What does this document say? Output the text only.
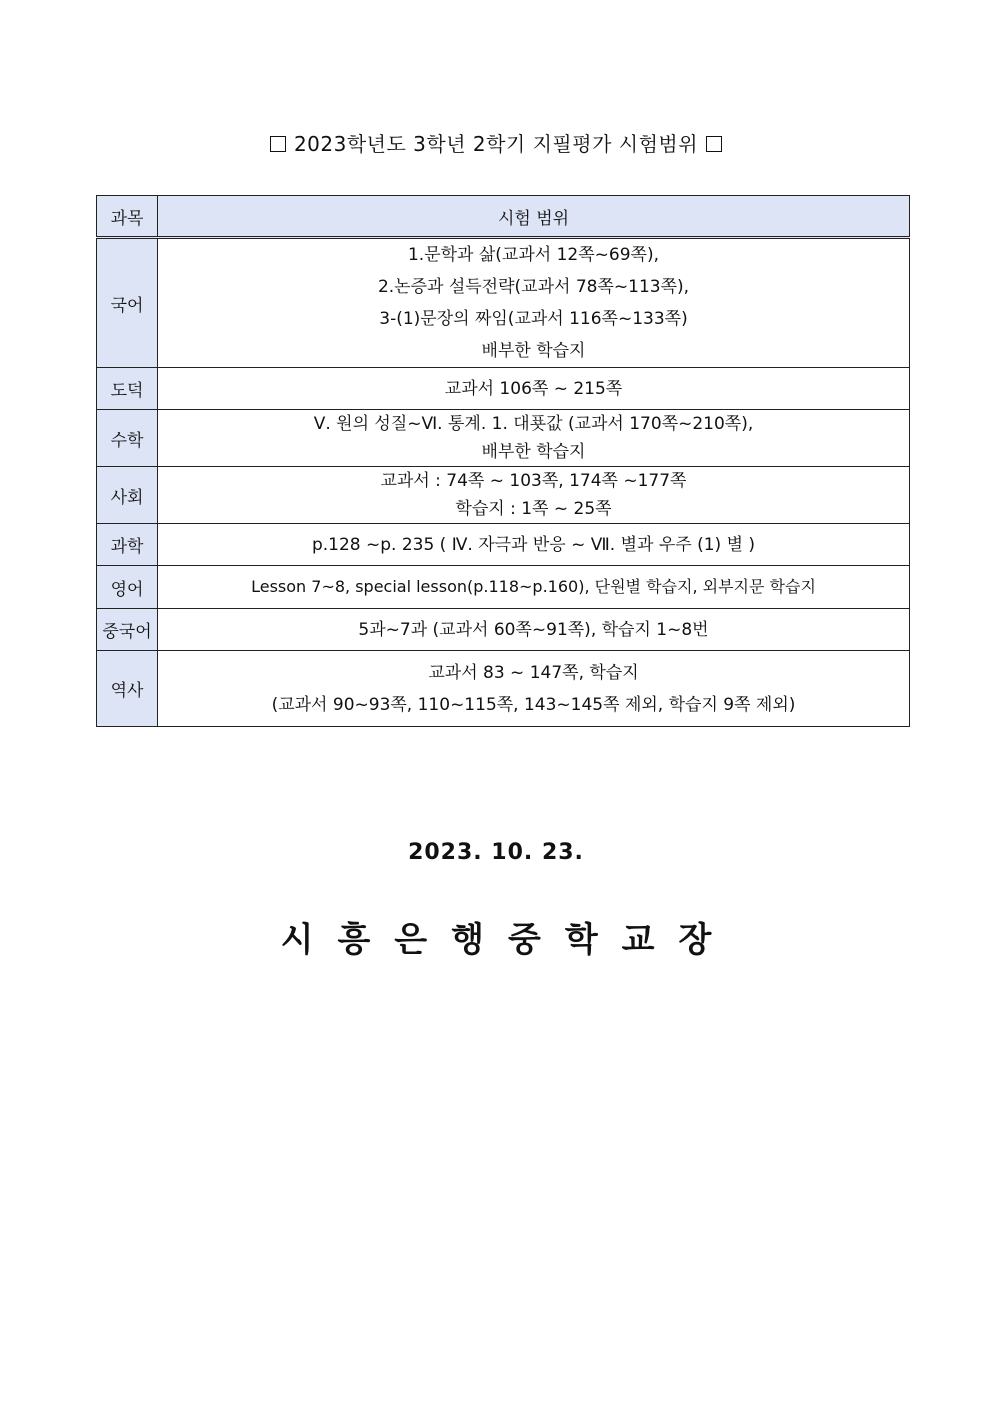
2023학년도 3학년 2학기 지필평가 시험범위
과목	시험 범위
국어	1.문학과 삶(교과서 12쪽~69쪽),
2.논증과 설득전략(교과서 78쪽~113쪽),
3-(1)문장의 짜임(교과서 116쪽~133쪽)
배부한 학습지

도덕	교과서 106쪽 ~ 215쪽

수학	Ⅴ. 원의 성질~Ⅵ. 통계. 1. 대푯값 (교과서 170쪽~210쪽),
배부한 학습지

사회	교과서 : 74쪽 ~ 103쪽, 174쪽 ~177쪽
학습지 : 1쪽 ~ 25쪽

과학	p.128 ~p. 235 ( Ⅳ. 자극과 반응 ~ Ⅶ. 별과 우주 (1) 별 )

영어	Lesson 7~8, special lesson(p.118~p.160), 단원별 학습지, 외부지문 학습지

중국어	5과~7과 (교과서 60쪽~91쪽), 학습지 1~8번

역사	교과서 83 ~ 147쪽, 학습지
(교과서 90~93쪽, 110~115쪽, 143~145쪽 제외, 학습지 9쪽 제외)
2023. 10. 23.
시흥은행중학교장
